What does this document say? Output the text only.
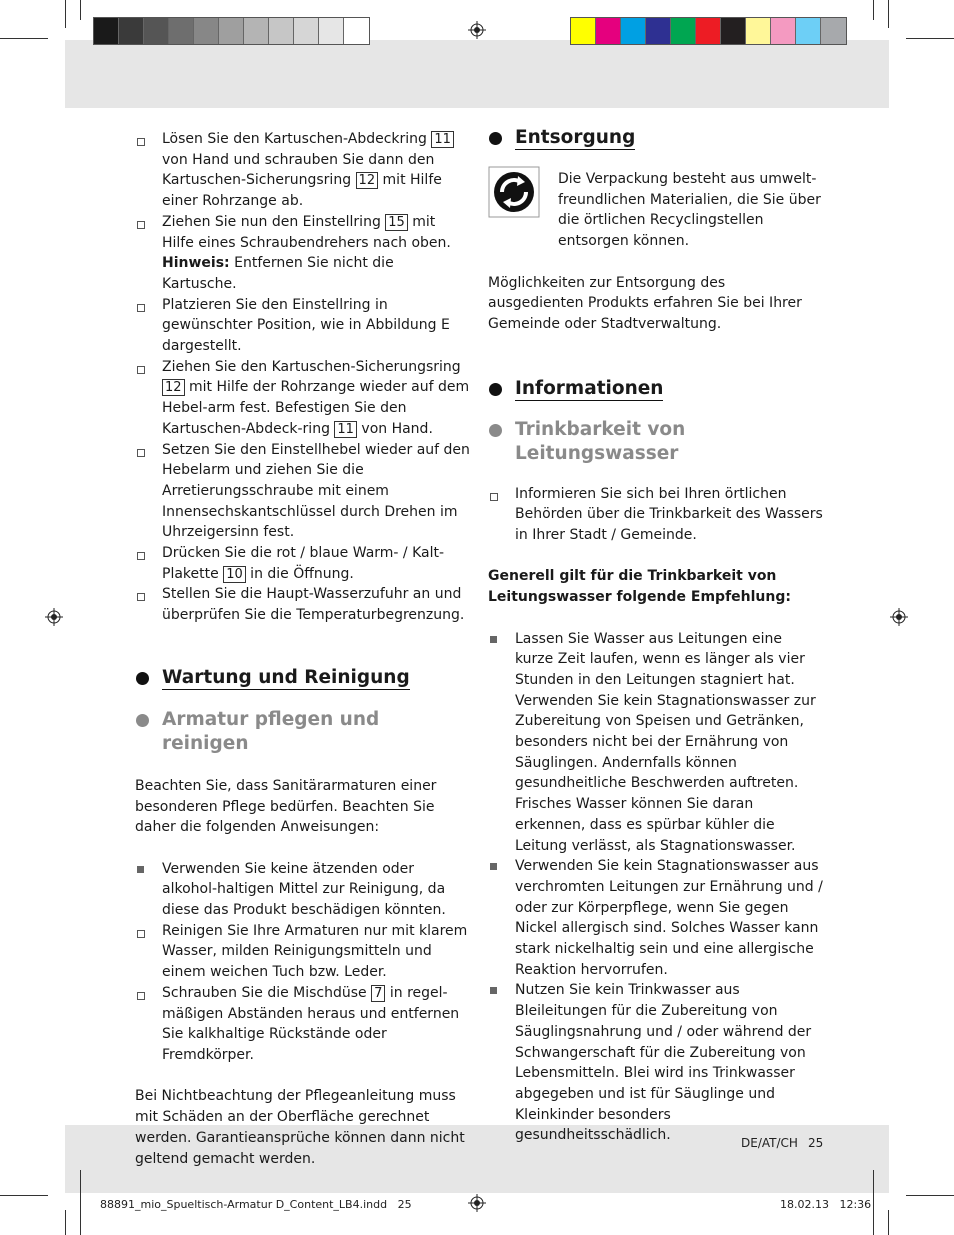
Lösen Sie den Kartuschen-Abdeckring 11 von Hand und schrauben Sie dann den Kartuschen-Sicherungsring 12 mit Hilfe einer Rohrzange ab.
Ziehen Sie nun den Einstellring 15 mit Hilfe eines Schraubendrehers nach oben.
Hinweis: Entfernen Sie nicht die Kartusche.
Platzieren Sie den Einstellring in gewünschter Position, wie in Abbildung E dargestellt.
Ziehen Sie den Kartuschen-Sicherungsring 12 mit Hilfe der Rohrzange wieder auf dem Hebel-arm fest. Befestigen Sie den Kartuschen-Abdeck-ring 11 von Hand.
Setzen Sie den Einstellhebel wieder auf den Hebelarm und ziehen Sie die Arretierungsschraube mit einem Innensechskantschlüssel durch Drehen im Uhrzeigersinn fest.
Drücken Sie die rot / blaue Warm- / Kalt-Plakette 10 in die Öffnung.
Stellen Sie die Haupt-Wasserzufuhr an und überprüfen Sie die Temperaturbegrenzung.
Wartung und Reinigung
Armatur pflegen und reinigen

Beachten Sie, dass Sanitärarmaturen einer besonderen Pflege bedürfen. Beachten Sie daher die folgenden Anweisungen:

Verwenden Sie keine ätzenden oder alkohol-haltigen Mittel zur Reinigung, da diese das Produkt beschädigen könnten.
Reinigen Sie Ihre Armaturen nur mit klarem Wasser, milden Reinigungsmitteln und einem weichen Tuch bzw. Leder.
Schrauben Sie die Mischdüse 7 in regel-mäßigen Abständen heraus und entfernen Sie kalkhaltige Rückstände oder Fremdkörper.

Bei Nichtbeachtung der Pflegeanleitung muss mit Schäden an der Oberfläche gerechnet werden. Garantieansprüche können dann nicht geltend gemacht werden.

Entsorgung

Die Verpackung besteht aus umwelt-freundlichen Materialien, die Sie über die örtlichen Recyclingstellen entsorgen können.

Möglichkeiten zur Entsorgung des ausgedienten Produkts erfahren Sie bei Ihrer Gemeinde oder Stadtverwaltung.

Informationen
Trinkbarkeit von Leitungswasser
Informieren Sie sich bei Ihren örtlichen Behörden über die Trinkbarkeit des Wassers in Ihrer Stadt / Gemeinde.

Generell gilt für die Trinkbarkeit von Leitungswasser folgende Empfehlung:

Lassen Sie Wasser aus Leitungen eine kurze Zeit laufen, wenn es länger als vier Stunden in den Leitungen stagniert hat. Verwenden Sie kein Stagnationswasser zur Zubereitung von Speisen und Getränken, besonders nicht bei der Ernährung von Säuglingen. Andernfalls können gesundheitliche Beschwerden auftreten. Frisches Wasser können Sie daran erkennen, dass es spürbar kühler die Leitung verlässt, als Stagnationswasser.
Verwenden Sie kein Stagnationswasser aus verchromten Leitungen zur Ernährung und / oder zur Körperpflege, wenn Sie gegen Nickel allergisch sind. Solches Wasser kann stark nickelhaltig sein und eine allergische Reaktion hervorrufen.
Nutzen Sie kein Trinkwasser aus Bleileitungen für die Zubereitung von Säuglingsnahrung und / oder während der Schwangerschaft für die Zubereitung von Lebensmitteln. Blei wird ins Trinkwasser abgegeben und ist für Säuglinge und Kleinkinder besonders gesundheitsschädlich.	DE/AT/CH 25
88891_mio_Spueltisch-Armatur D_Content_LB4.indd   25	18.02.13   12:36
